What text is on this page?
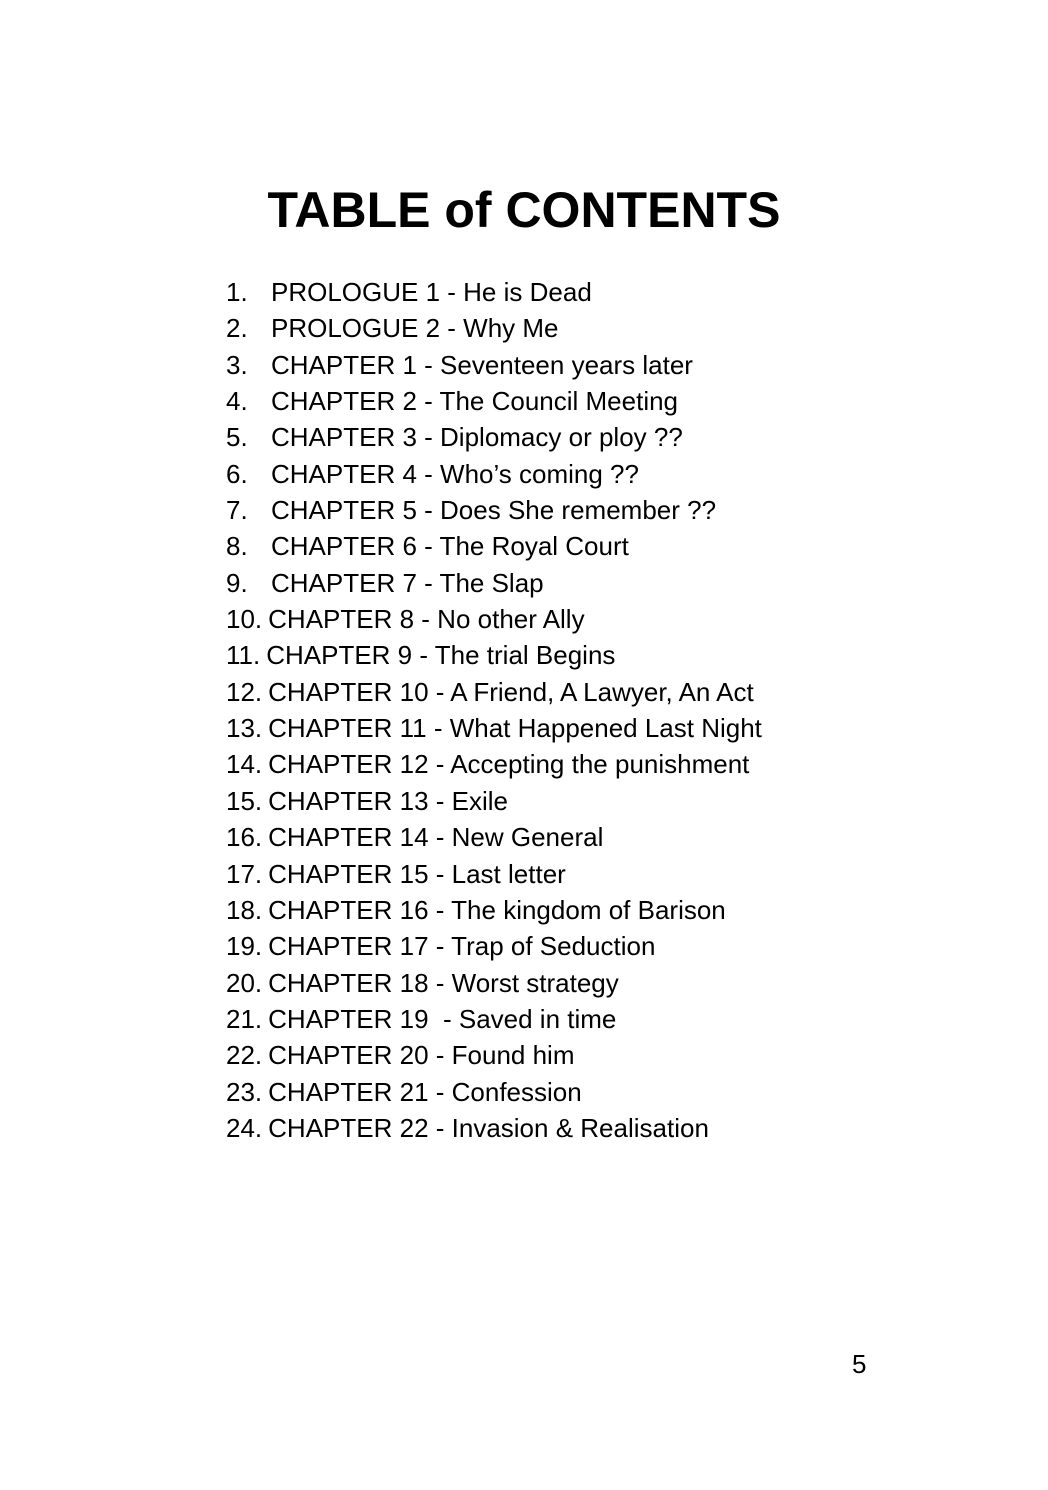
TABLE of CONTENTS
1. PROLOGUE 1 - He is Dead
2. PROLOGUE 2 - Why Me
3. CHAPTER 1 - Seventeen years later
4. CHAPTER 2 - The Council Meeting
5. CHAPTER 3 - Diplomacy or ploy ??
6. CHAPTER 4 - Who’s coming ??
7. CHAPTER 5 - Does She remember ??
8. CHAPTER 6 - The Royal Court
9. CHAPTER 7 - The Slap
10. CHAPTER 8 - No other Ally
11. CHAPTER 9 - The trial Begins
12. CHAPTER 10 - A Friend, A Lawyer, An Act
13. CHAPTER 11 - What Happened Last Night
14. CHAPTER 12 - Accepting the punishment
15. CHAPTER 13 - Exile
16. CHAPTER 14 - New General
17. CHAPTER 15 - Last letter
18. CHAPTER 16 - The kingdom of Barison
19. CHAPTER 17 - Trap of Seduction
20. CHAPTER 18 - Worst strategy
21. CHAPTER 19  - Saved in time
22. CHAPTER 20 - Found him
23. CHAPTER 21 - Confession
24. CHAPTER 22 - Invasion & Realisation
5
